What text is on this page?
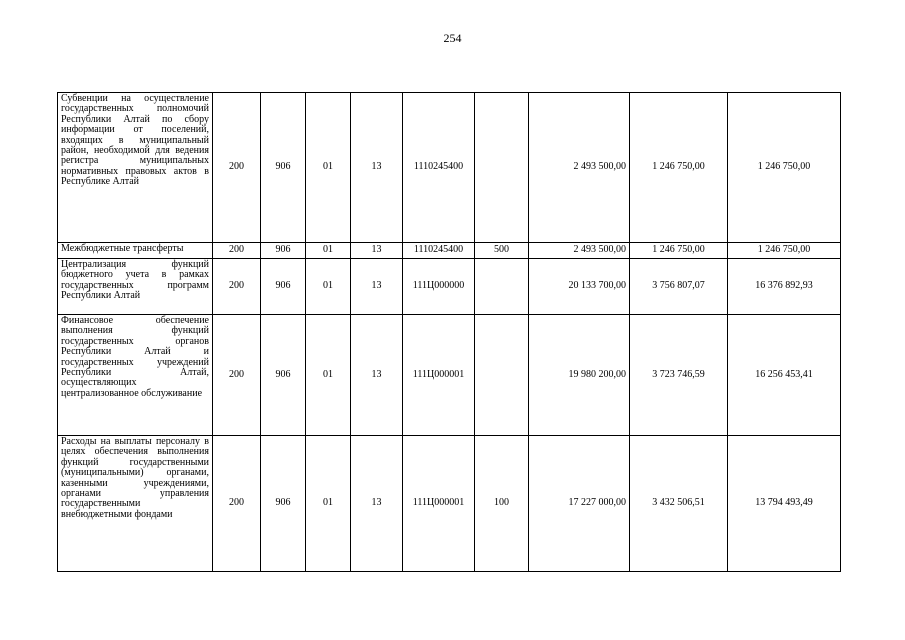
254
Субвенции на осуществление государственных полномочий Республики Алтай по сбору информации от поселений, входящих в муниципальный район, необходимой для ведения регистра муниципальных нормативных правовых актов в Республике Алтай	200	906	01	13	1110245400		2 493 500,00	1 246 750,00	1 246 750,00
Межбюджетные трансферты	200	906	01	13	1110245400	500	2 493 500,00	1 246 750,00	1 246 750,00
Централизация функций бюджетного учета в рамках государственных программ Республики Алтай	200	906	01	13	111Ц000000		20 133 700,00	3 756 807,07	16 376 892,93
Финансовое обеспечение выполнения функций государственных органов Республики Алтай и государственных учреждений Республики Алтай, осуществляющих централизованное обслуживание	200	906	01	13	111Ц000001		19 980 200,00	3 723 746,59	16 256 453,41
Расходы на выплаты персоналу в целях обеспечения выполнения функций государственными (муниципальными) органами, казенными учреждениями, органами управления государственными внебюджетными фондами	200	906	01	13	111Ц000001	100	17 227 000,00	3 432 506,51	13 794 493,49
